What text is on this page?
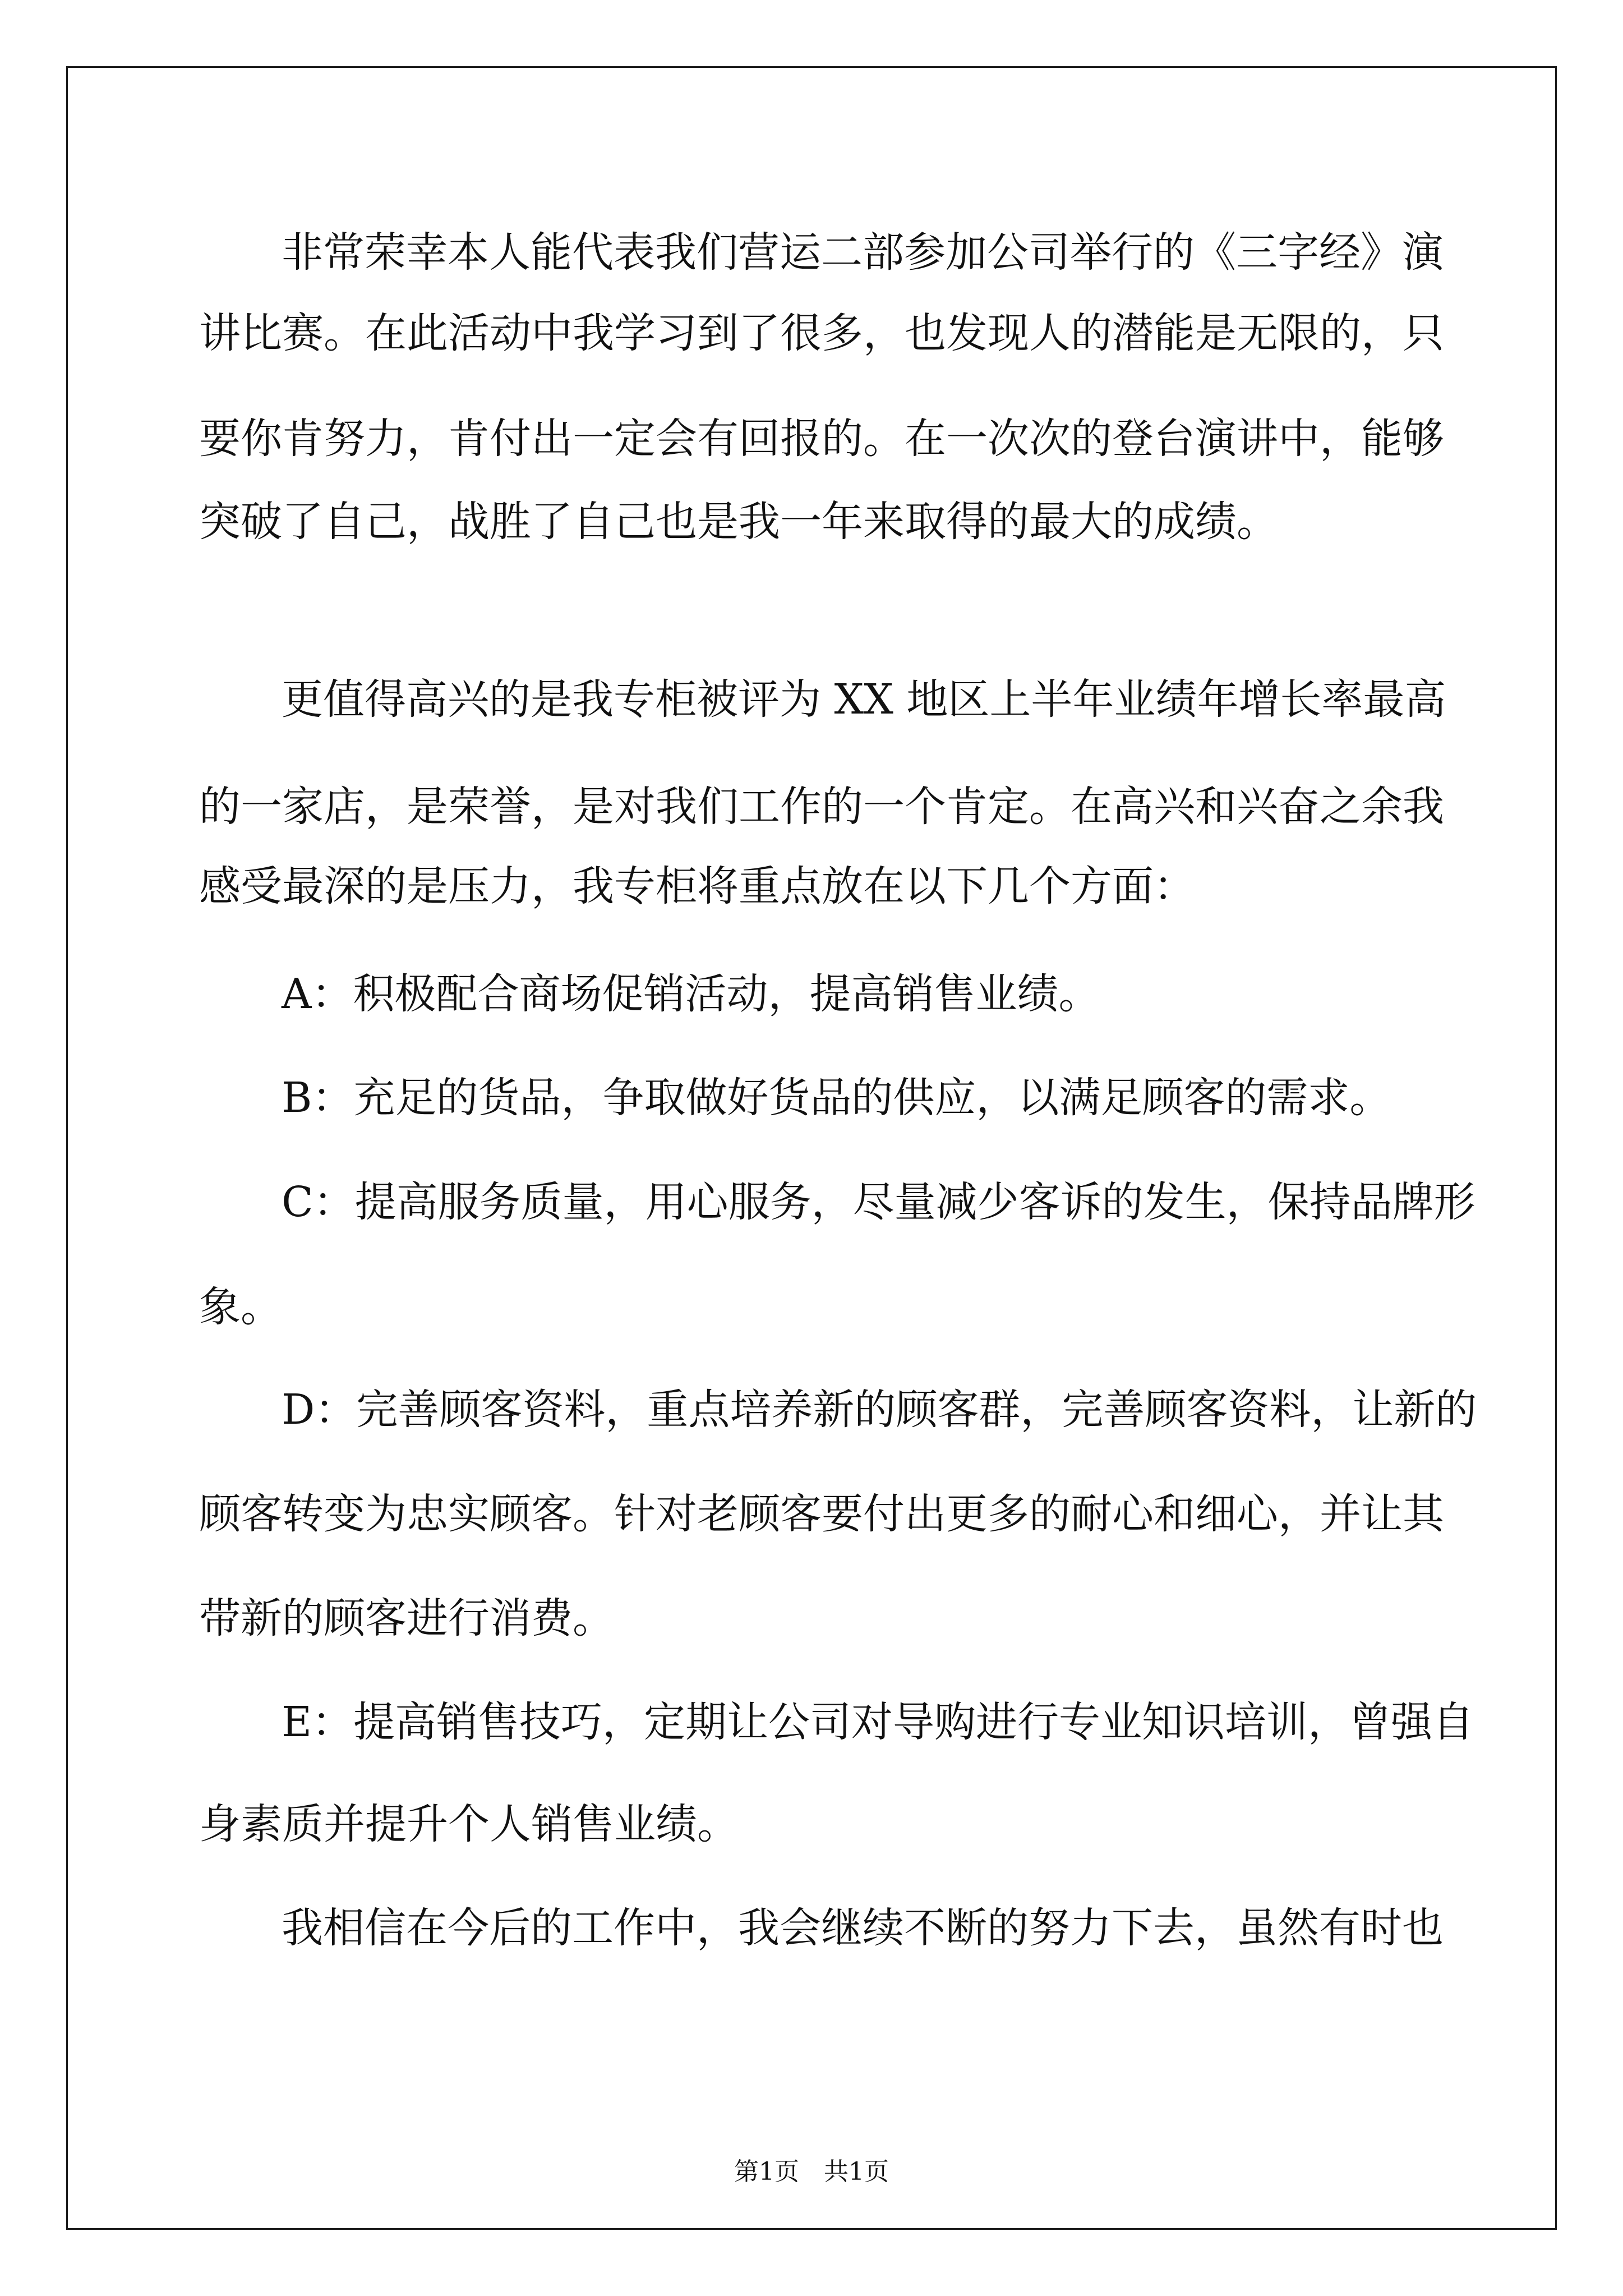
非常荣幸本人能代表我们营运二部参加公司举行的《三字经》演
讲比赛。在此活动中我学习到了很多，也发现人的潜能是无限的，只
要你肯努力，肯付出一定会有回报的。在一次次的登台演讲中，能够
突破了自己，战胜了自己也是我一年来取得的最大的成绩。
更值得高兴的是我专柜被评为 XX 地区上半年业绩年增长率最高
的一家店，是荣誉，是对我们工作的一个肯定。在高兴和兴奋之余我
感受最深的是压力，我专柜将重点放在以下几个方面：
A：积极配合商场促销活动，提高销售业绩。
B：充足的货品，争取做好货品的供应，以满足顾客的需求。
C：提高服务质量，用心服务，尽量减少客诉的发生，保持品牌形
象。
D：完善顾客资料，重点培养新的顾客群，完善顾客资料，让新的
顾客转变为忠实顾客。针对老顾客要付出更多的耐心和细心，并让其
带新的顾客进行消费。
E：提高销售技巧，定期让公司对导购进行专业知识培训，曾强自
身素质并提升个人销售业绩。
我相信在今后的工作中，我会继续不断的努力下去，虽然有时也
第1页　共1页
